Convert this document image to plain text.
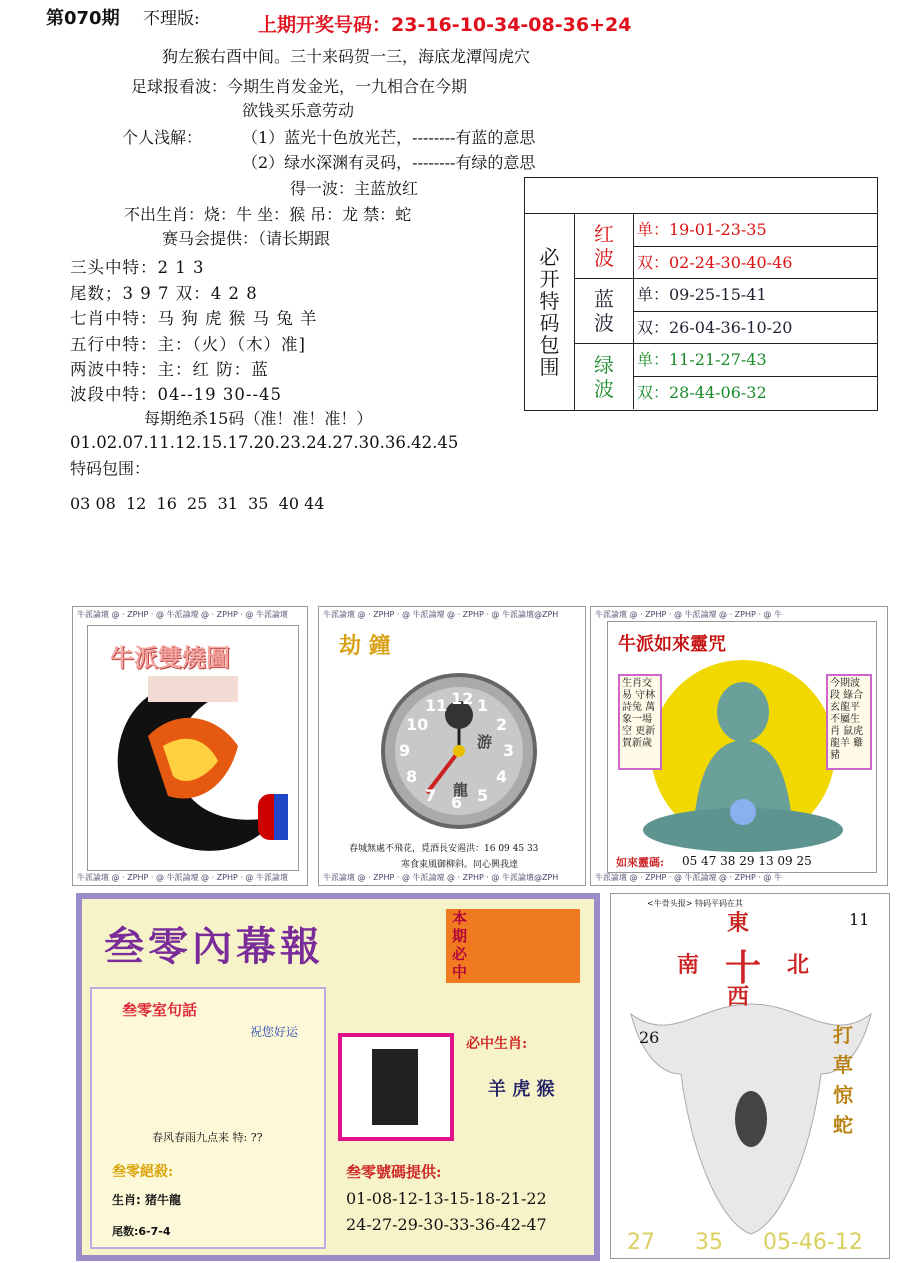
第070期 不理版:	上期开奖号码：23-16-10-34-08-36+24
狗左猴右酉中间。三十来码贺一三，海底龙潭闯虎穴
足球报看波：今期生肖发金光，一九相合在今期
欲钱买乐意劳动
个人浅解： （1）蓝光十色放光芒，--------有蓝的意思
（2）绿水深渊有灵码，--------有绿的意思
得一波：主蓝放红
不出生肖：烧：牛 坐：猴 吊：龙 禁：蛇
赛马会提供：（请长期跟
三头中特：2 1 3
尾数；3 9 7 双：4 2 8
七肖中特：马 狗 虎 猴 马 兔 羊
五行中特：主：（火）（木）准]
两波中特：主：红 防：蓝
波段中特：04--19 30--45
每期绝杀15码（准！准！准！）
01.02.07.11.12.15.17.20.23.24.27.30.36.42.45
特码包围：
03 08  12  16  25  31  35  40 44
必
开
特
码
包
围
红
波
蓝
波
绿
波
单：19-01-23-35
双：02-24-30-40-46
单：09-25-15-41
双：26-04-36-10-20
单：11-21-27-43
双：28-44-06-32
牛派論壇 @ · ZPHP · @ 牛派論壇 @ · ZPHP · @ 牛派論壇
牛派論壇 @ · ZPHP · @ 牛派論壇 @ · ZPHP · @ 牛派論壇
牛派雙燒圖
牛派論壇 @ · ZPHP · @ 牛派論壇 @ · ZPHP · @ 牛派論壇@ZPH
牛派論壇 @ · ZPHP · @ 牛派論壇 @ · ZPHP · @ 牛派論壇@ZPH
劫 鐘
12 1
2
3
4
5
6
7
8
9
10
11
游
龍
春城無處不飛花，覓酒長安遏洪：16 09 45 33
寒食東風御柳斜。同心興我達
牛派論壇 @ · ZPHP · @ 牛派論壇 @ · ZPHP · @ 牛
牛派論壇 @ · ZPHP · @ 牛派論壇 @ · ZPHP · @ 牛
牛派如來靈咒
生肖交易 守林詩兔 萬象一場空 更新賀新歲
今期波段 綠合 玄龍平 不屬生肖 鼠虎 龍羊 雞豬
如來靈碼: 05 47 38 29 13 09 25
叁零內幕報
本期必中
叁零室句話
祝您好运
春风春雨九点来 特: ??
叁零絕殺:
生肖: 猪牛龍
尾数:6-7-4
必中生肖:
羊 虎 猴
叁零號碼提供:
01-08-12-13-15-18-21-22
24-27-29-30-33-36-42-47
<牛骨头报> 特码平码在其
東
南 十 北
西
11
26	打草惊蛇
27 35 05-46-12
